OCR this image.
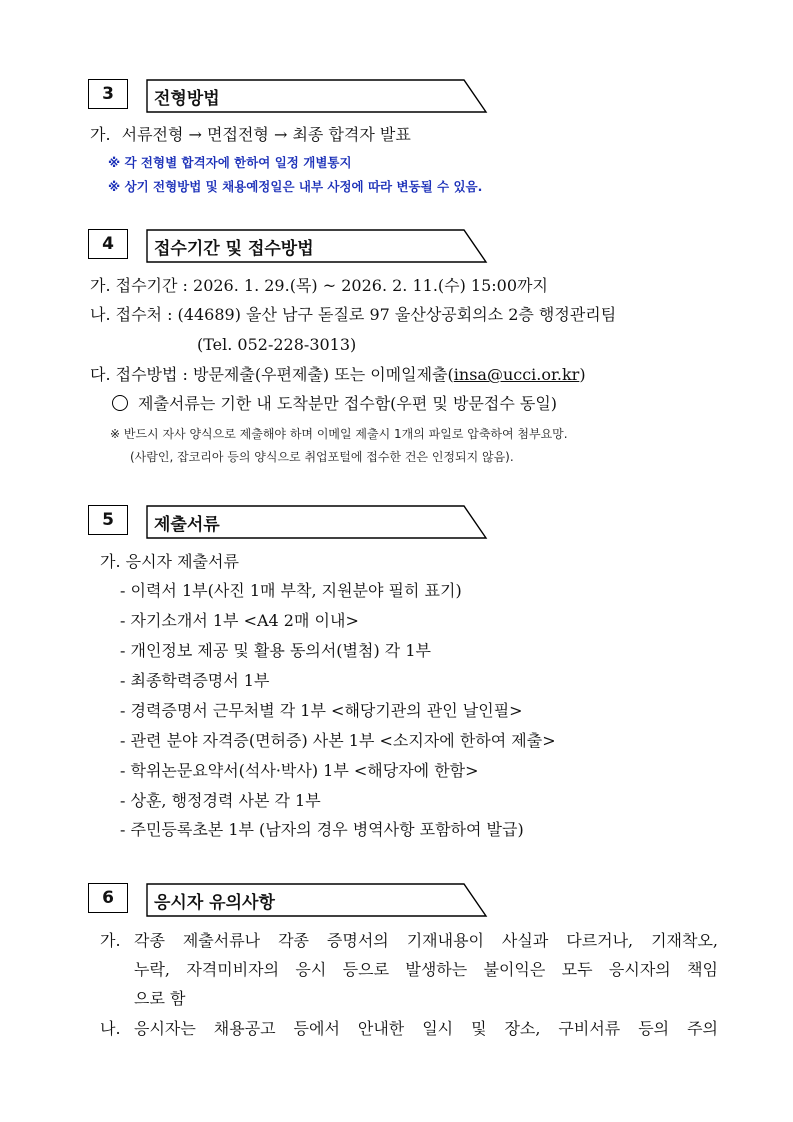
3 전형방법
가. 서류전형 → 면접전형 → 최종 합격자 발표
※ 각 전형별 합격자에 한하여 일정 개별통지
※ 상기 전형방법 및 채용예정일은 내부 사정에 따라 변동될 수 있음.
4 접수기간 및 접수방법
가. 접수기간 : 2026. 1. 29.(목) ~ 2026. 2. 11.(수) 15:00까지
나. 접수처 : (44689) 울산 남구 돋질로 97 울산상공회의소 2층 행정관리팀
(Tel. 052-228-3013)
다. 접수방법 : 방문제출(우편제출) 또는 이메일제출(insa@ucci.or.kr)
제출서류는 기한 내 도착분만 접수함(우편 및 방문접수 동일)
※ 반드시 자사 양식으로 제출해야 하며 이메일 제출시 1개의 파일로 압축하여 첨부요망.
(사람인, 잡코리아 등의 양식으로 취업포털에 접수한 건은 인정되지 않음).
5 제출서류
가. 응시자 제출서류
- 이력서 1부(사진 1매 부착, 지원분야 필히 표기)
- 자기소개서 1부 <A4 2매 이내>
- 개인정보 제공 및 활용 동의서(별첨) 각 1부
- 최종학력증명서 1부
- 경력증명서 근무처별 각 1부 <해당기관의 관인 날인필>
- 관련 분야 자격증(면허증) 사본 1부 <소지자에 한하여 제출>
- 학위논문요약서(석사·박사) 1부 <해당자에 한함>
- 상훈, 행정경력 사본 각 1부
- 주민등록초본 1부 (남자의 경우 병역사항 포함하여 발급)
6 응시자 유의사항
가. 각종 제출서류나 각종 증명서의 기재내용이 사실과 다르거나, 기재착오,
누락, 자격미비자의 응시 등으로 발생하는 불이익은 모두 응시자의 책임
으로 함
나. 응시자는 채용공고 등에서 안내한 일시 및 장소, 구비서류 등의 주의
